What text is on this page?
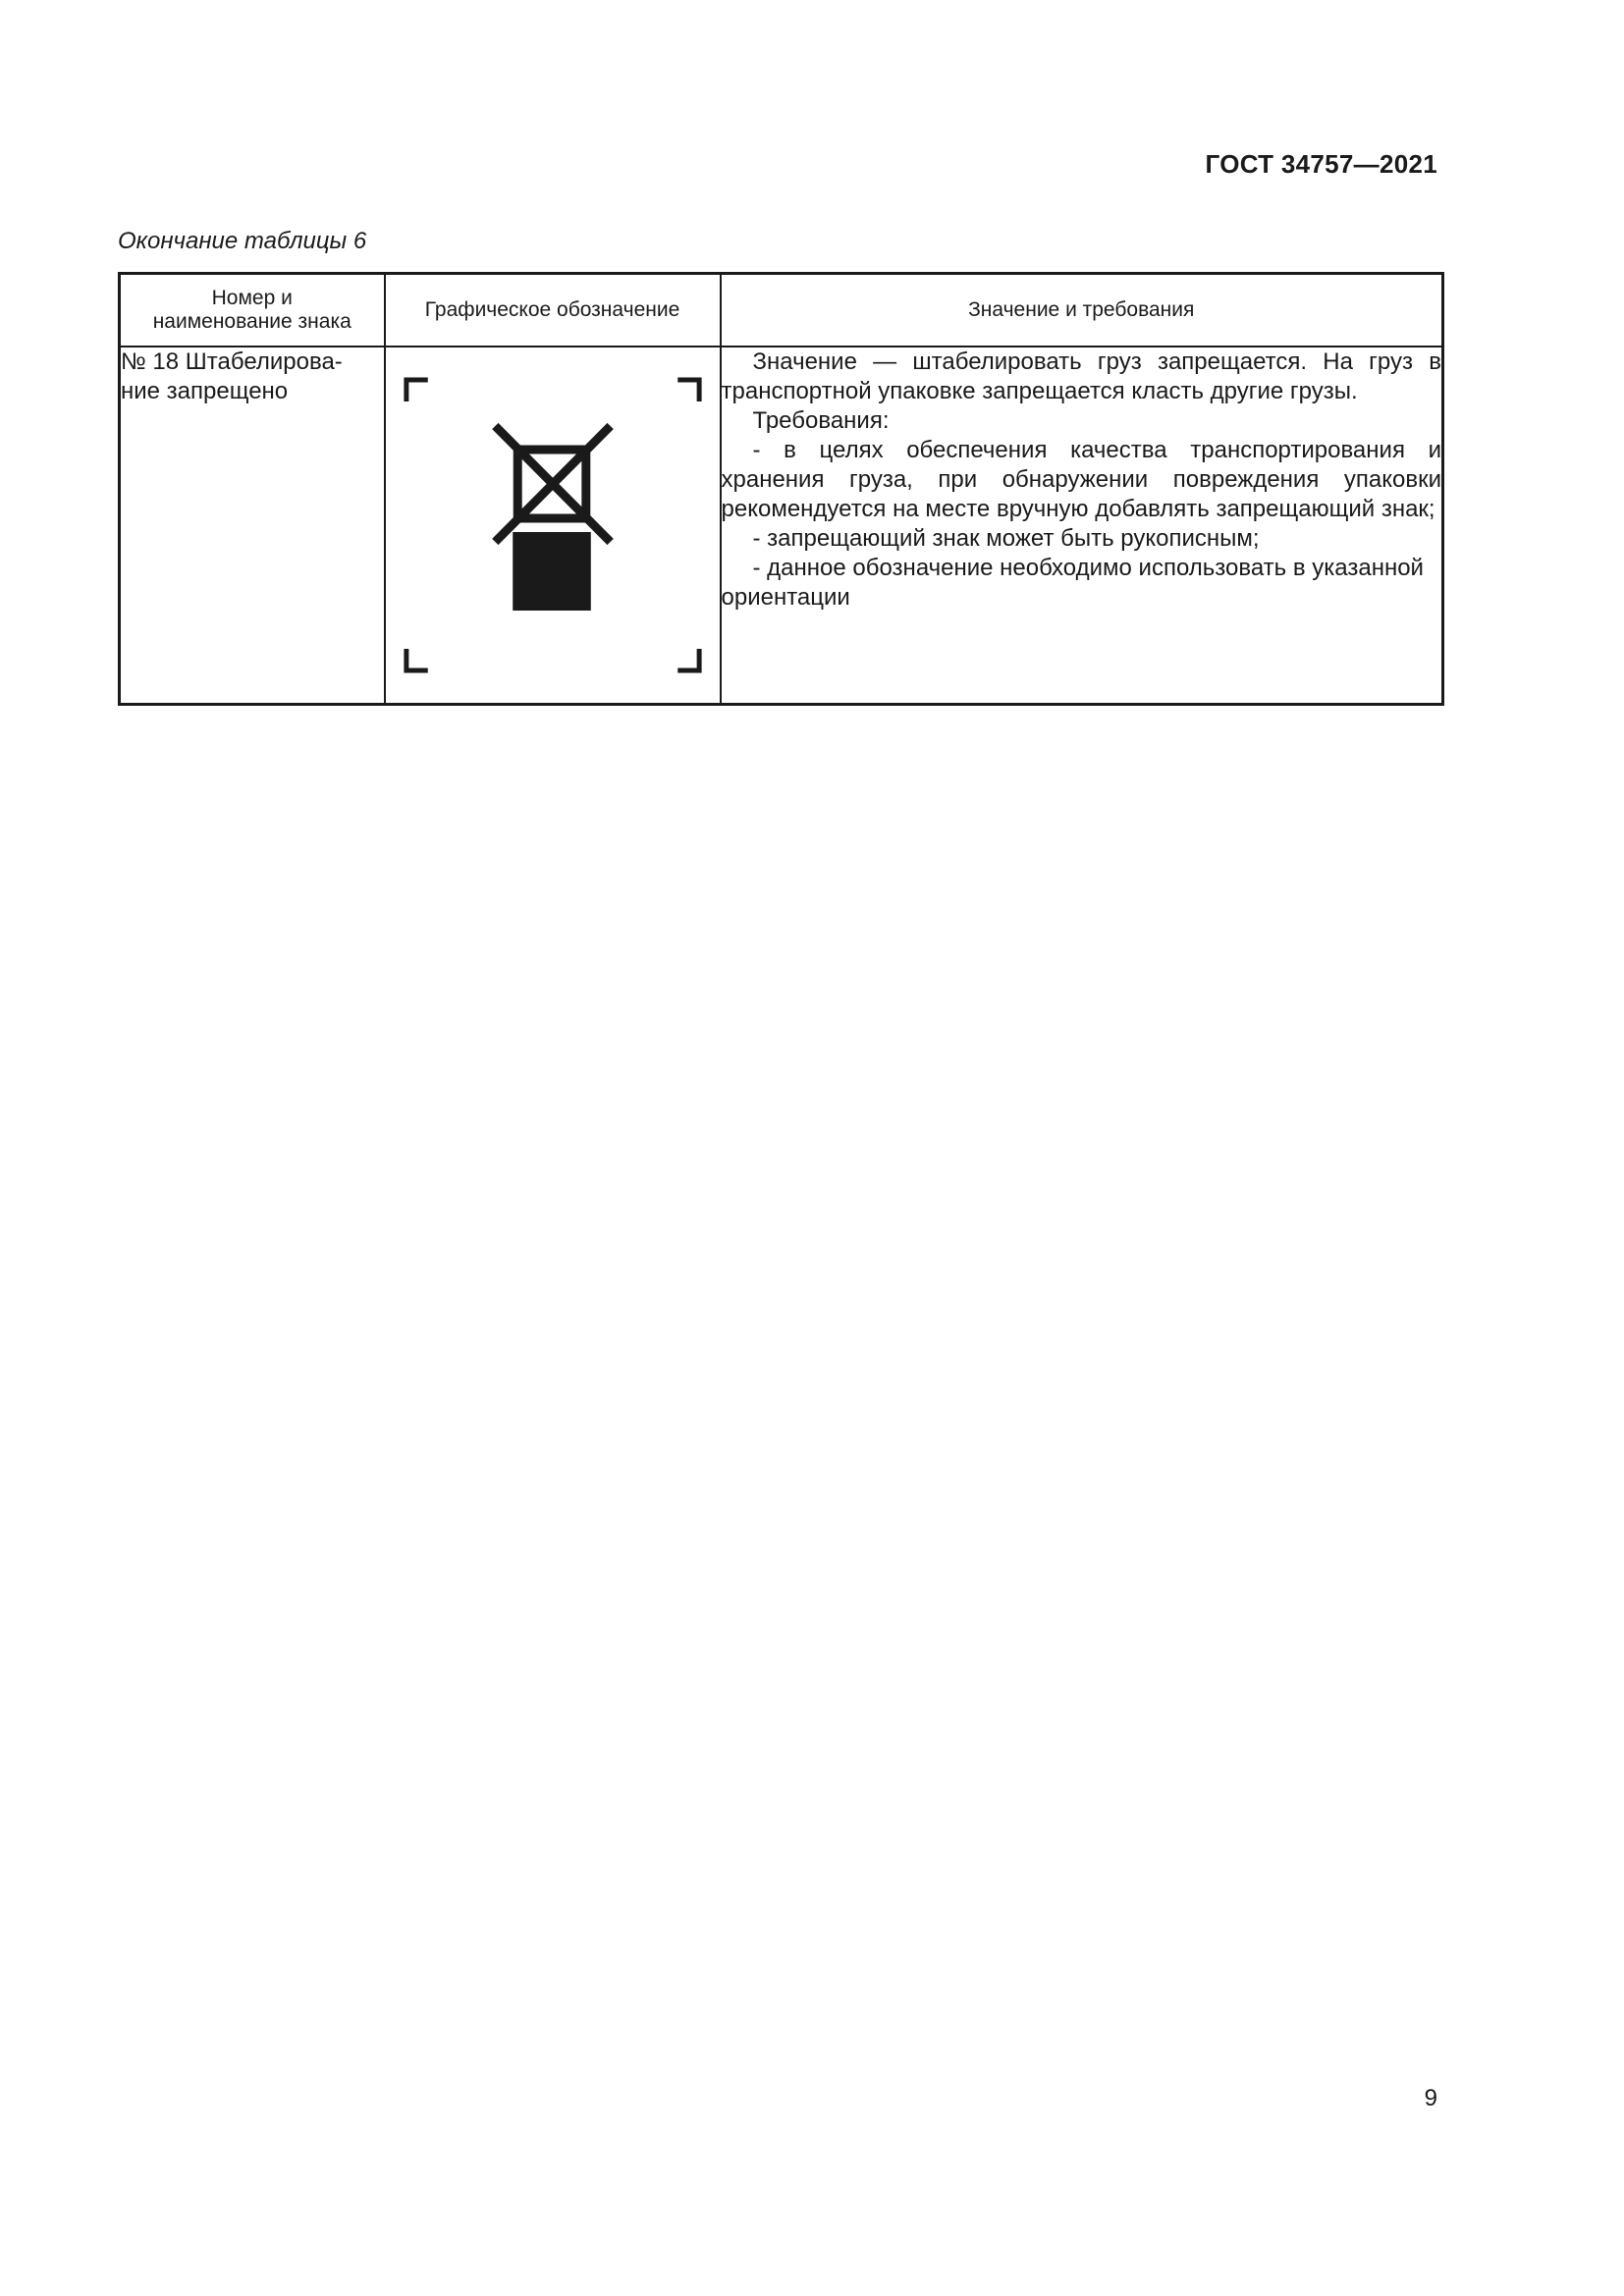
ГОСТ 34757—2021
Окончание таблицы 6
Номер и
наименование знака	Графическое обозначение	Значение и требования
№ 18 Штабелирова-
ние запрещено		Значение — штабелировать груз запрещается. На груз в транспортной упаковке запрещается класть другие грузы.
Требования:
- в целях обеспечения качества транспортирования и хранения груза, при обнаружении повреждения упаковки рекомендуется на месте вручную добавлять запрещающий знак;
- запрещающий знак может быть рукописным;
- данное обозначение необходимо использовать в указанной ориентации
9
